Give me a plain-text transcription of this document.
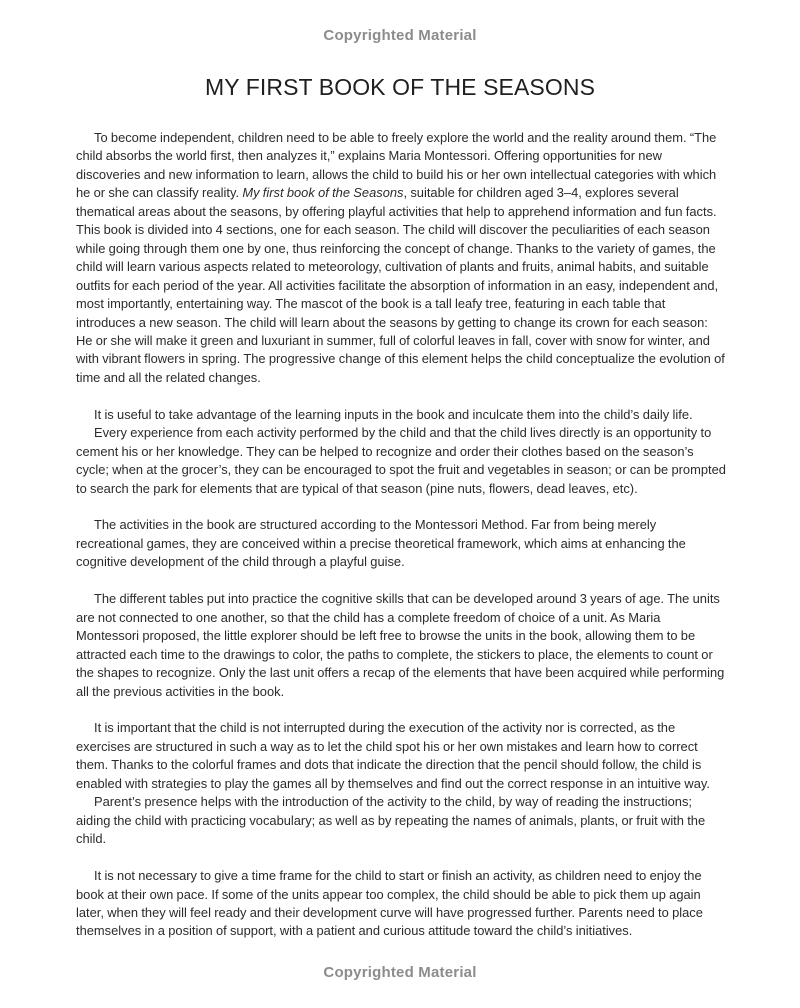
Copyrighted Material
MY FIRST BOOK OF THE SEASONS

To become independent, children need to be able to freely explore the world and the reality around them. “The child absorbs the world first, then analyzes it,” explains Maria Montessori. Offering opportunities for new discoveries and new information to learn, allows the child to build his or her own intellectual categories with which he or she can classify reality. My first book of the Seasons, suitable for children aged 3–4, explores several thematical areas about the seasons, by offering playful activities that help to apprehend information and fun facts. This book is divided into 4 sections, one for each season. The child will discover the peculiarities of each season while going through them one by one, thus reinforcing the concept of change. Thanks to the variety of games, the child will learn various aspects related to meteorology, cultivation of plants and fruits, animal habits, and suitable outfits for each period of the year. All activities facilitate the absorption of information in an easy, independent and, most importantly, entertaining way. The mascot of the book is a tall leafy tree, featuring in each table that introduces a new season. The child will learn about the seasons by getting to change its crown for each season: He or she will make it green and luxuriant in summer, full of colorful leaves in fall, cover with snow for winter, and with vibrant flowers in spring. The progressive change of this element helps the child conceptualize the evolution of time and all the related changes.

It is useful to take advantage of the learning inputs in the book and inculcate them into the child’s daily life.

Every experience from each activity performed by the child and that the child lives directly is an opportunity to cement his or her knowledge. They can be helped to recognize and order their clothes based on the season’s cycle; when at the grocer’s, they can be encouraged to spot the fruit and vegetables in season; or can be prompted to search the park for elements that are typical of that season (pine nuts, flowers, dead leaves, etc).

The activities in the book are structured according to the Montessori Method. Far from being merely recreational games, they are conceived within a precise theoretical framework, which aims at enhancing the cognitive development of the child through a playful guise.

The different tables put into practice the cognitive skills that can be developed around 3 years of age. The units are not connected to one another, so that the child has a complete freedom of choice of a unit. As Maria Montessori proposed, the little explorer should be left free to browse the units in the book, allowing them to be attracted each time to the drawings to color, the paths to complete, the stickers to place, the elements to count or the shapes to recognize. Only the last unit offers a recap of the elements that have been acquired while performing all the previous activities in the book.

It is important that the child is not interrupted during the execution of the activity nor is corrected, as the exercises are structured in such a way as to let the child spot his or her own mistakes and learn how to correct them. Thanks to the colorful frames and dots that indicate the direction that the pencil should follow, the child is enabled with strategies to play the games all by themselves and find out the correct response in an intuitive way.

Parent’s presence helps with the introduction of the activity to the child, by way of reading the instructions; aiding the child with practicing vocabulary; as well as by repeating the names of animals, plants, or fruit with the child.

It is not necessary to give a time frame for the child to start or finish an activity, as children need to enjoy the book at their own pace. If some of the units appear too complex, the child should be able to pick them up again later, when they will feel ready and their development curve will have progressed further. Parents need to place themselves in a position of support, with a patient and curious attitude toward the child’s initiatives.

Copyrighted Material
